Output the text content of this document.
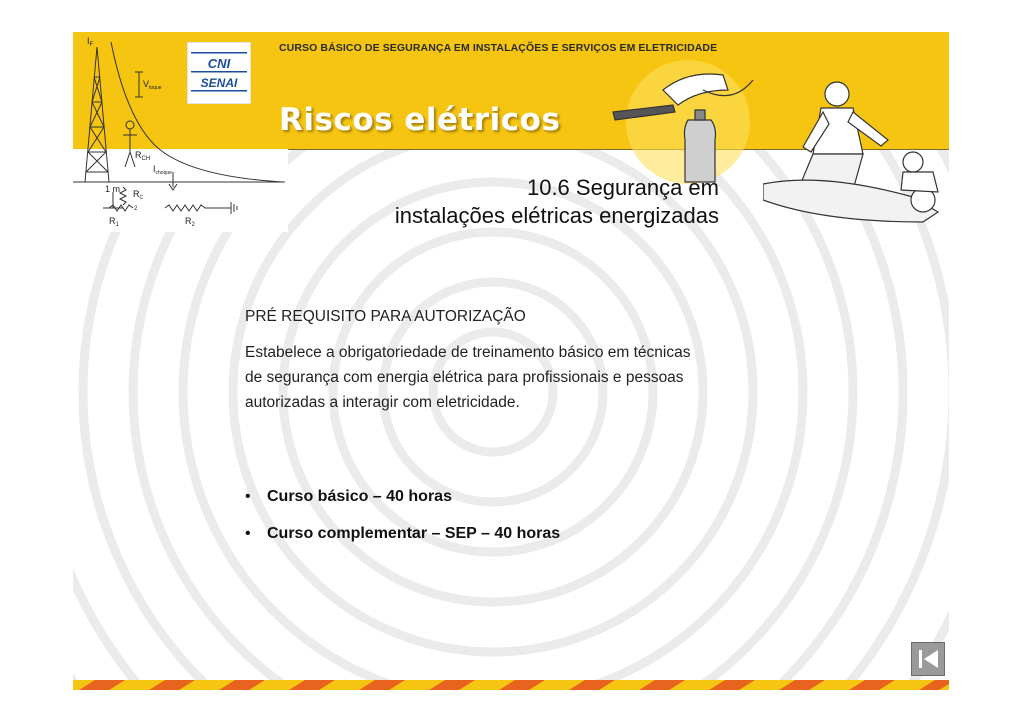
$I_F$
$V_{toque}$
$R_{CH}$
$I_{choque}$
1 m $R_C$
2
$R_1$	$R_2$
CNI
SENAI
CURSO BÁSICO DE SEGURANÇA EM INSTALAÇÕES E SERVIÇOS EM ELETRICIDADE
Riscos elétricos
10.6 Segurança em
instalações elétricas energizadas

PRÉ REQUISITO PARA AUTORIZAÇÃO

Estabelece a obrigatoriedade de treinamento básico em técnicas
de segurança com energia elétrica para profissionais e pessoas
autorizadas a interagir com eletricidade.

• Curso básico – 40 horas
• Curso complementar – SEP – 40 horas
